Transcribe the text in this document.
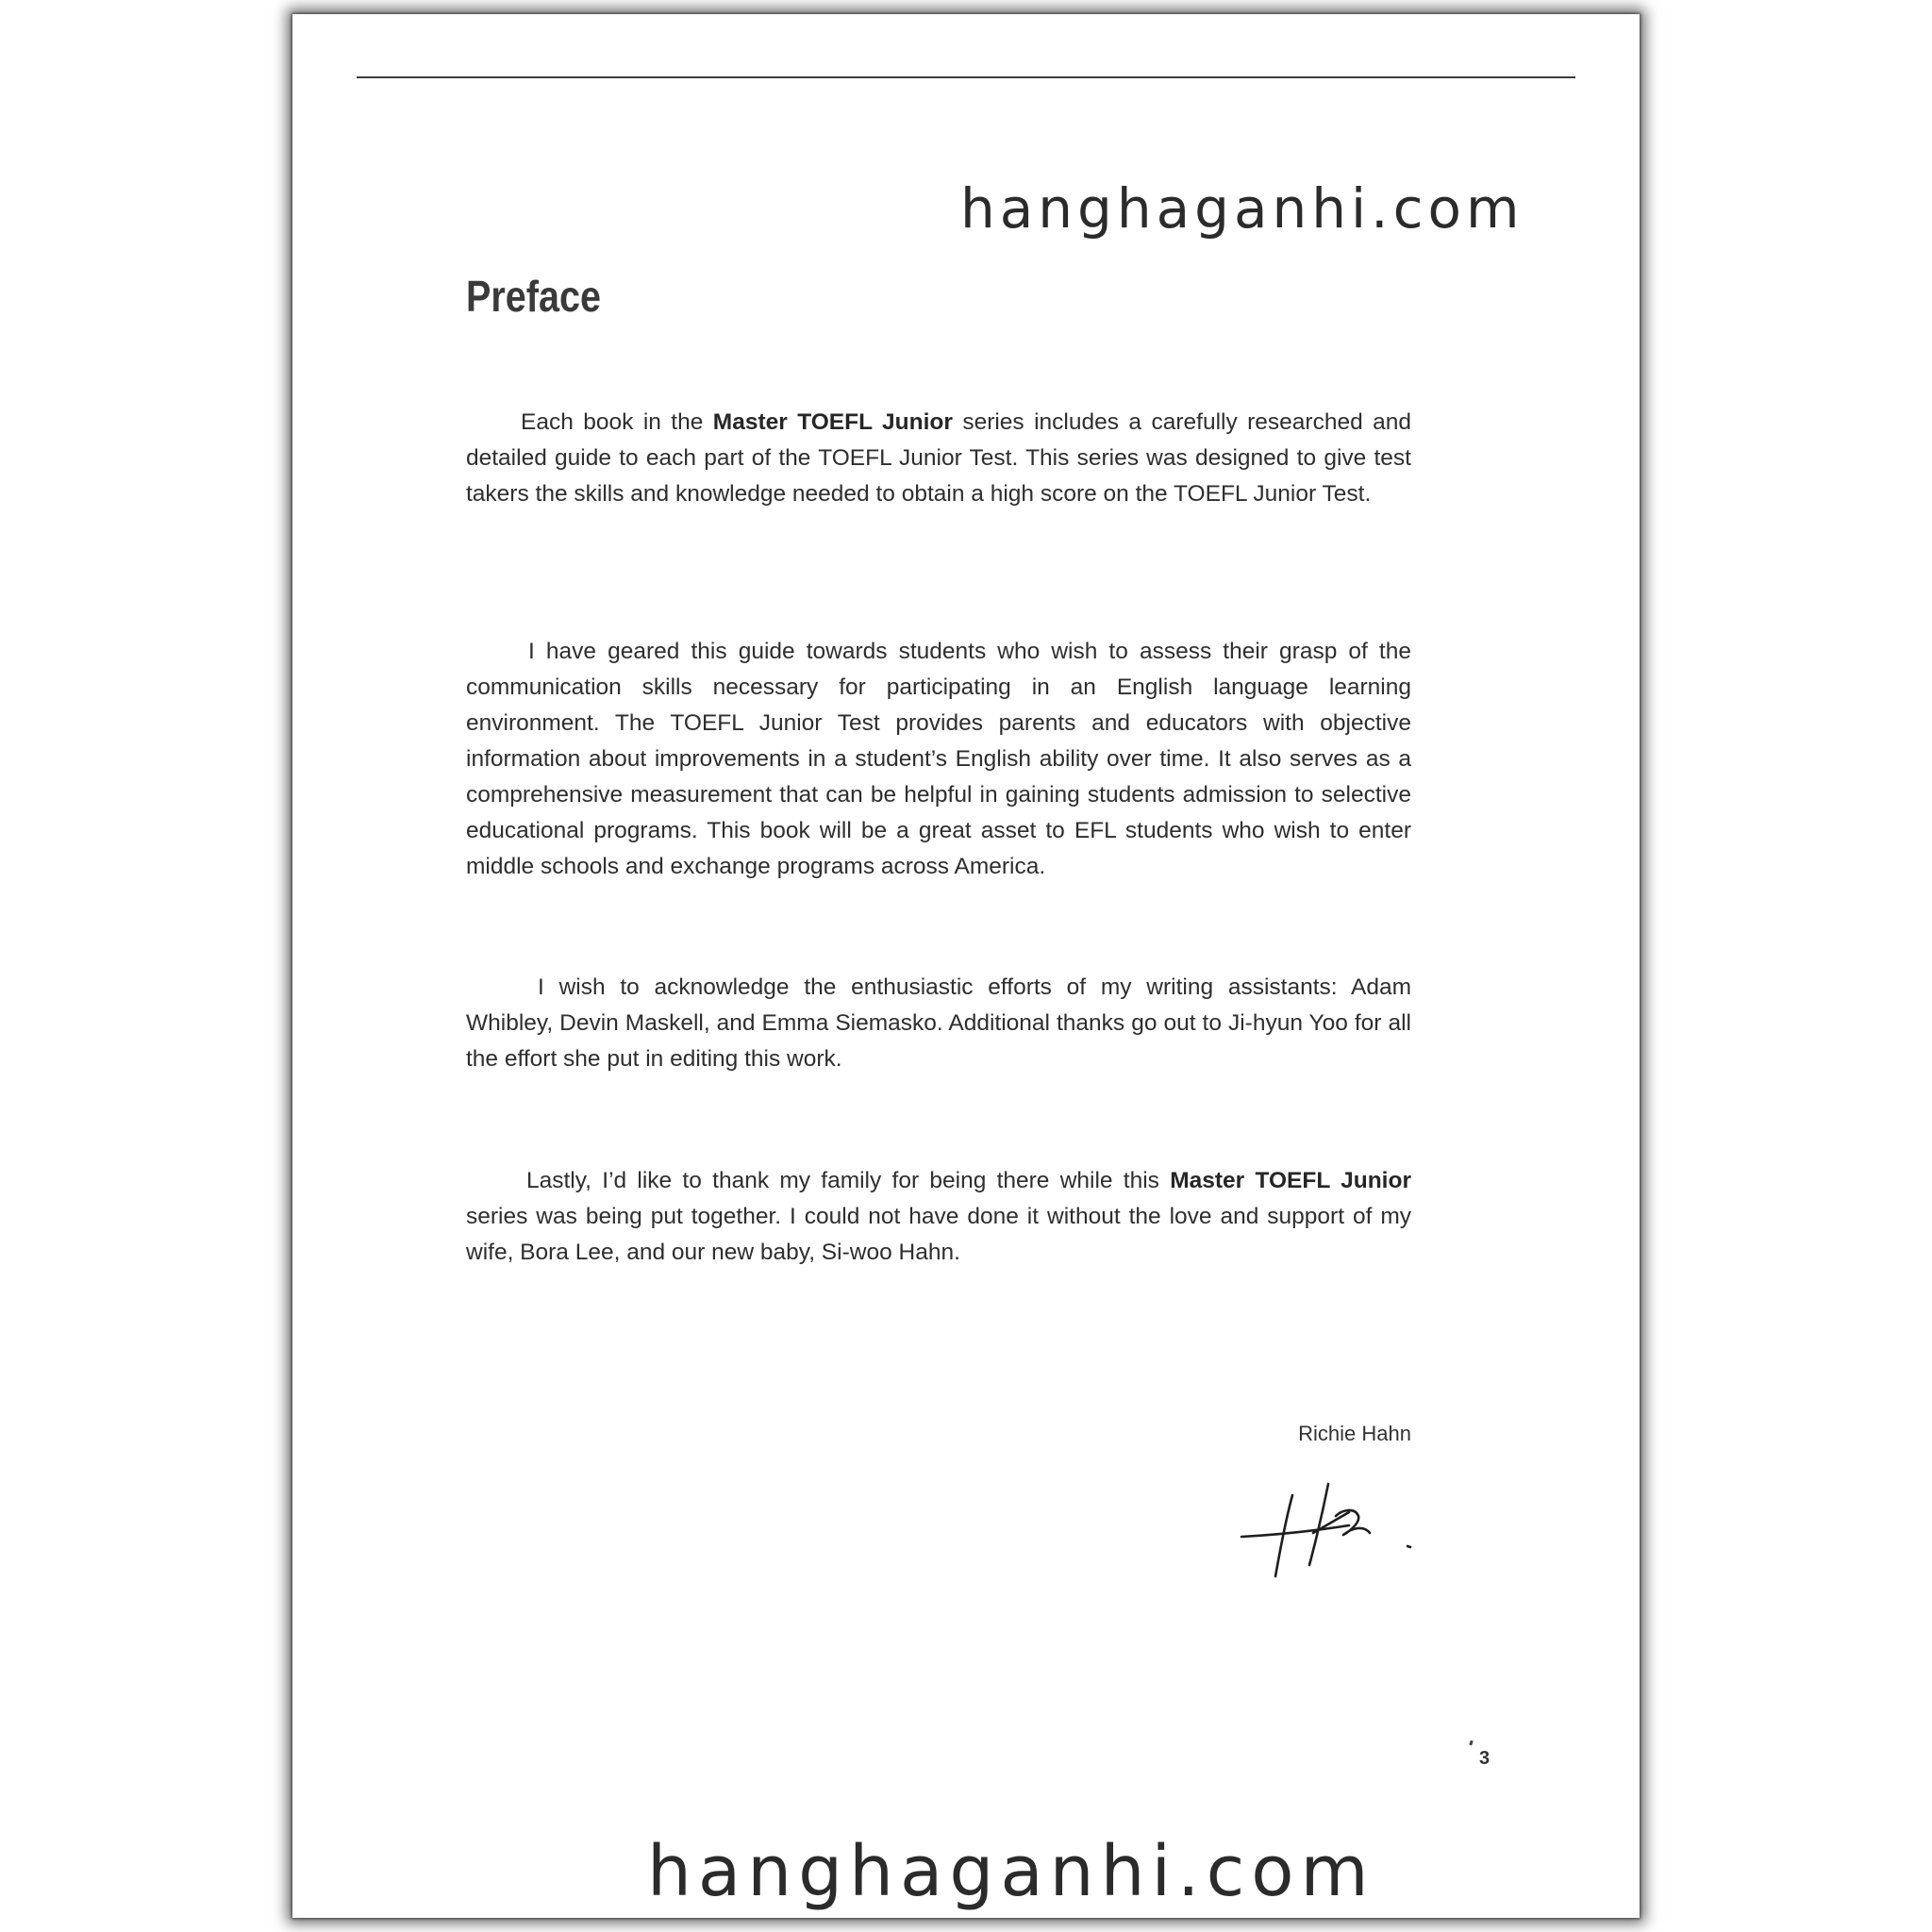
hanghaganhi.com
Preface

Each book in the Master TOEFL Junior series includes a carefully researched and detailed guide to each part of the TOEFL Junior Test. This series was designed to give test takers the skills and knowledge needed to obtain a high score on the TOEFL Junior Test.

I have geared this guide towards students who wish to assess their grasp of the communication skills necessary for participating in an English language learning environment. The TOEFL Junior Test provides parents and educators with objective information about improvements in a student’s English ability over time. It also serves as a comprehensive measurement that can be helpful in gaining students admission to selective educational programs. This book will be a great asset to EFL students who wish to enter middle schools and exchange programs across America.

I wish to acknowledge the enthusiastic efforts of my writing assistants: Adam Whibley, Devin Maskell, and Emma Siemasko. Additional thanks go out to Ji-hyun Yoo for all the effort she put in editing this work.

Lastly, I’d like to thank my family for being there while this Master TOEFL Junior series was being put together. I could not have done it without the love and support of my wife, Bora Lee, and our new baby, Si-woo Hahn.

Richie Hahn
3
hanghaganhi.com
